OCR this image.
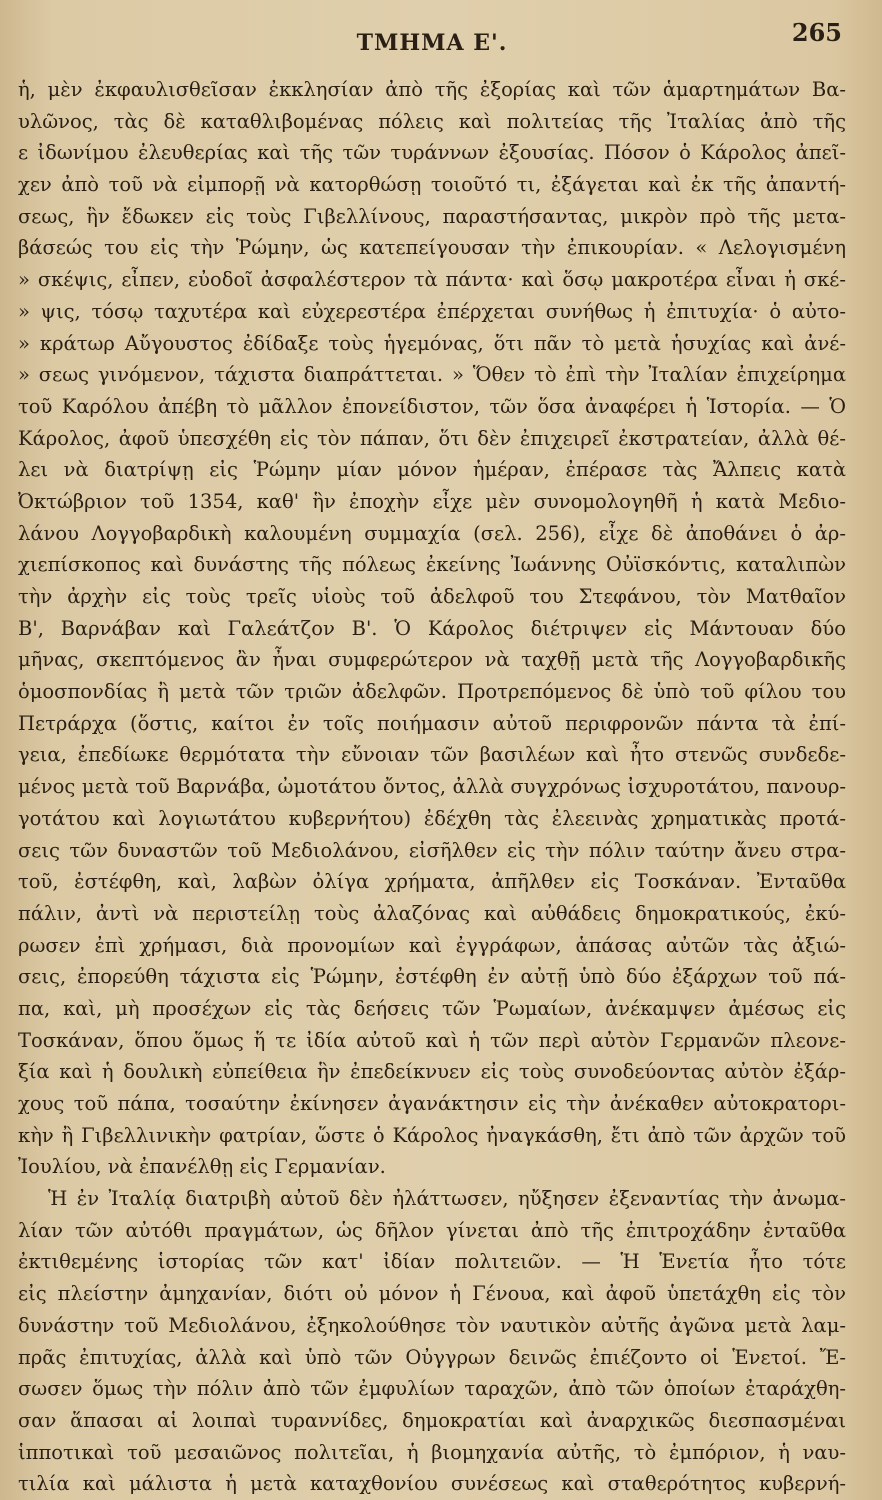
ΤΜΗΜΑ Ε'.	265
ἡ, μὲν ἐκφαυλισθεῖσαν ἐκκλησίαν ἀπὸ τῆς ἐξορίας καὶ τῶν ἁμαρτημάτων Βα-
υλῶνος, τὰς δὲ καταθλιβομένας πόλεις καὶ πολιτείας τῆς Ἰταλίας ἀπὸ τῆς
ε ἰδωνίμου ἐλευθερίας καὶ τῆς τῶν τυράννων ἐξουσίας. Πόσον ὁ Κάρολος ἀπεῖ-
χεν ἀπὸ τοῦ νὰ εἰμπορῇ νὰ κατορθώσῃ τοιοῦτό τι, ἐξάγεται καὶ ἐκ τῆς ἀπαντή-
σεως, ἣν ἔδωκεν εἰς τοὺς Γιβελλίνους, παραστήσαντας, μικρὸν πρὸ τῆς μετα-
βάσεώς του εἰς τὴν Ῥώμην, ὡς κατεπείγουσαν τὴν ἐπικουρίαν. « Λελογισμένη
» σκέψις, εἶπεν, εὐοδοῖ ἀσφαλέστερον τὰ πάντα· καὶ ὅσῳ μακροτέρα εἶναι ἡ σκέ-
» ψις, τόσῳ ταχυτέρα καὶ εὐχερεστέρα ἐπέρχεται συνήθως ἡ ἐπιτυχία· ὁ αὐτο-
» κράτωρ Αὔγουστος ἐδίδαξε τοὺς ἡγεμόνας, ὅτι πᾶν τὸ μετὰ ἡσυχίας καὶ ἀνέ-
» σεως γινόμενον, τάχιστα διαπράττεται. » Ὅθεν τὸ ἐπὶ τὴν Ἰταλίαν ἐπιχείρημα
τοῦ Καρόλου ἀπέβη τὸ μᾶλλον ἐπονείδιστον, τῶν ὅσα ἀναφέρει ἡ Ἱστορία. — Ὁ
Κάρολος, ἀφοῦ ὑπεσχέθη εἰς τὸν πάπαν, ὅτι δὲν ἐπιχειρεῖ ἐκστρατείαν, ἀλλὰ θέ-
λει νὰ διατρίψῃ εἰς Ῥώμην μίαν μόνον ἡμέραν, ἐπέρασε τὰς Ἄλπεις κατὰ
Ὀκτώβριον τοῦ 1354, καθ' ἣν ἐποχὴν εἶχε μὲν συνομολογηθῆ ἡ κατὰ Μεδιο-
λάνου Λογγοβαρδικὴ καλουμένη συμμαχία (σελ. 256), εἶχε δὲ ἀποθάνει ὁ ἀρ-
χιεπίσκοπος καὶ δυνάστης τῆς πόλεως ἐκείνης Ἰωάννης Οὐϊσκόντις, καταλιπὼν
τὴν ἀρχὴν εἰς τοὺς τρεῖς υἱοὺς τοῦ ἀδελφοῦ του Στεφάνου, τὸν Ματθαῖον
Β', Βαρνάβαν καὶ Γαλεάτζον Β'. Ὁ Κάρολος διέτριψεν εἰς Μάντουαν δύο
μῆνας, σκεπτόμενος ἂν ἦναι συμφερώτερον νὰ ταχθῇ μετὰ τῆς Λογγοβαρδικῆς
ὁμοσπονδίας ἢ μετὰ τῶν τριῶν ἀδελφῶν. Προτρεπόμενος δὲ ὑπὸ τοῦ φίλου του
Πετράρχα (ὅστις, καίτοι ἐν τοῖς ποιήμασιν αὐτοῦ περιφρονῶν πάντα τὰ ἐπί-
γεια, ἐπεδίωκε θερμότατα τὴν εὔνοιαν τῶν βασιλέων καὶ ἦτο στενῶς συνδεδε-
μένος μετὰ τοῦ Βαρνάβα, ὠμοτάτου ὄντος, ἀλλὰ συγχρόνως ἰσχυροτάτου, πανουρ-
γοτάτου καὶ λογιωτάτου κυβερνήτου) ἐδέχθη τὰς ἐλεεινὰς χρηματικὰς προτά-
σεις τῶν δυναστῶν τοῦ Μεδιολάνου, εἰσῆλθεν εἰς τὴν πόλιν ταύτην ἄνευ στρα-
τοῦ, ἐστέφθη, καὶ, λαβὼν ὀλίγα χρήματα, ἀπῆλθεν εἰς Τοσκάναν. Ἐνταῦθα
πάλιν, ἀντὶ νὰ περιστείλῃ τοὺς ἀλαζόνας καὶ αὐθάδεις δημοκρατικούς, ἐκύ-
ρωσεν ἐπὶ χρήμασι, διὰ προνομίων καὶ ἐγγράφων, ἁπάσας αὐτῶν τὰς ἀξιώ-
σεις, ἐπορεύθη τάχιστα εἰς Ῥώμην, ἐστέφθη ἐν αὐτῇ ὑπὸ δύο ἐξάρχων τοῦ πά-
πα, καὶ, μὴ προσέχων εἰς τὰς δεήσεις τῶν Ῥωμαίων, ἀνέκαμψεν ἀμέσως εἰς
Τοσκάναν, ὅπου ὅμως ἥ τε ἰδία αὐτοῦ καὶ ἡ τῶν περὶ αὐτὸν Γερμανῶν πλεονε-
ξία καὶ ἡ δουλικὴ εὐπείθεια ἣν ἐπεδείκνυεν εἰς τοὺς συνοδεύοντας αὐτὸν ἐξάρ-
χους τοῦ πάπα, τοσαύτην ἐκίνησεν ἀγανάκτησιν εἰς τὴν ἀνέκαθεν αὐτοκρατορι-
κὴν ἢ Γιβελλινικὴν φατρίαν, ὥστε ὁ Κάρολος ἠναγκάσθη, ἔτι ἀπὸ τῶν ἀρχῶν τοῦ
Ἰουλίου, νὰ ἐπανέλθῃ εἰς Γερμανίαν.
Ἡ ἐν Ἰταλίᾳ διατριβὴ αὐτοῦ δὲν ἠλάττωσεν, ηὔξησεν ἐξεναντίας τὴν ἀνωμα-
λίαν τῶν αὐτόθι πραγμάτων, ὡς δῆλον γίνεται ἀπὸ τῆς ἐπιτροχάδην ἐνταῦθα
ἐκτιθεμένης ἱστορίας τῶν κατ' ἰδίαν πολιτειῶν. — Ἡ Ἑνετία ἦτο τότε
εἰς πλείστην ἀμηχανίαν, διότι οὐ μόνον ἡ Γένουα, καὶ ἀφοῦ ὑπετάχθη εἰς τὸν
δυνάστην τοῦ Μεδιολάνου, ἐξηκολούθησε τὸν ναυτικὸν αὐτῆς ἀγῶνα μετὰ λαμ-
πρᾶς ἐπιτυχίας, ἀλλὰ καὶ ὑπὸ τῶν Οὐγγρων δεινῶς ἐπιέζοντο οἱ Ἑνετοί. Ἔ-
σωσεν ὅμως τὴν πόλιν ἀπὸ τῶν ἐμφυλίων ταραχῶν, ἀπὸ τῶν ὁποίων ἐταράχθη-
σαν ἅπασαι αἱ λοιπαὶ τυραννίδες, δημοκρατίαι καὶ ἀναρχικῶς διεσπασμέναι
ἱπποτικαὶ τοῦ μεσαιῶνος πολιτεῖαι, ἡ βιομηχανία αὐτῆς, τὸ ἐμπόριον, ἡ ναυ-
τιλία καὶ μάλιστα ἡ μετὰ καταχθονίου συνέσεως καὶ σταθερότητος κυβερνή-
